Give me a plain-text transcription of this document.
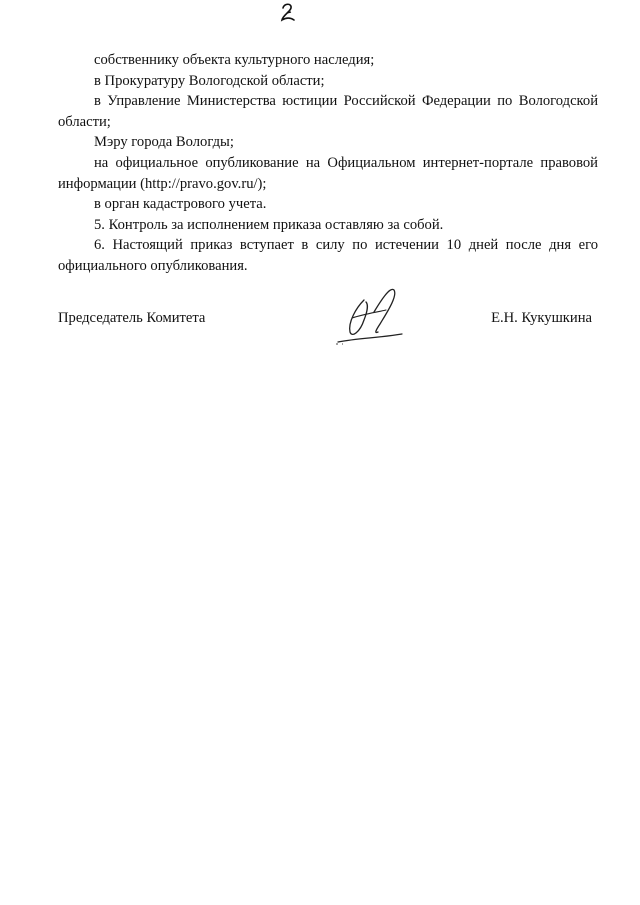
собственнику объекта культурного наследия;

в Прокуратуру Вологодской области;

в Управление Министерства юстиции Российской Федерации по Вологодской области;

Мэру города Вологды;

на официальное опубликование на Официальном интернет-портале правовой информации (http://pravo.gov.ru/);

в орган кадастрового учета.

5. Контроль за исполнением приказа оставляю за собой.

6. Настоящий приказ вступает в силу по истечении 10 дней после дня его официального опубликования.

Председатель Комитета	Е.Н. Кукушкина
